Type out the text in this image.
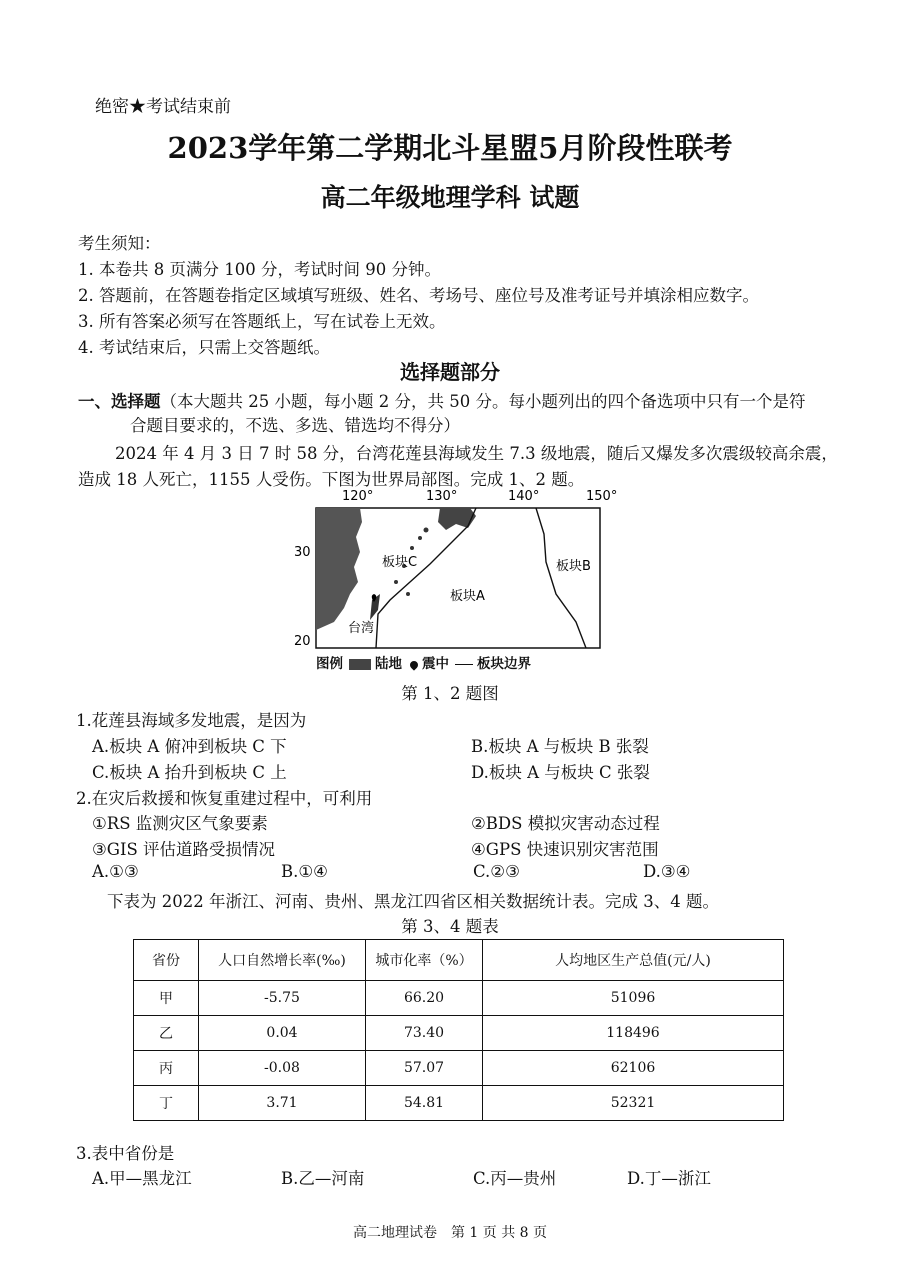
绝密★考试结束前
2023学年第二学期北斗星盟5月阶段性联考
高二年级地理学科 试题
考生须知：
1. 本卷共 8 页满分 100 分，考试时间 90 分钟。
2. 答题前，在答题卷指定区域填写班级、姓名、考场号、座位号及准考证号并填涂相应数字。
3. 所有答案必须写在答题纸上，写在试卷上无效。
4. 考试结束后，只需上交答题纸。
选择题部分
一、选择题（本大题共 25 小题，每小题 2 分，共 50 分。每小题列出的四个备选项中只有一个是符
合题目要求的，不选、多选、错选均不得分）
2024 年 4 月 3 日 7 时 58 分，台湾花莲县海域发生 7.3 级地震，随后又爆发多次震级较高余震，
造成 18 人死亡，1155 人受伤。下图为世界局部图。完成 1、2 题。
120°	130°	140°	150°
30
20
板块C
板块A
板块B
台湾
图例 陆地 震中 板块边界
第 1、2 题图
1.花莲县海域多发地震，是因为
A.板块 A 俯冲到板块 C 下	B.板块 A 与板块 B 张裂
C.板块 A 抬升到板块 C 上	D.板块 A 与板块 C 张裂
2.在灾后救援和恢复重建过程中，可利用
①RS 监测灾区气象要素	②BDS 模拟灾害动态过程
③GIS 评估道路受损情况	④GPS 快速识别灾害范围
A.①③	B.①④	C.②③	D.③④
下表为 2022 年浙江、河南、贵州、黑龙江四省区相关数据统计表。完成 3、4 题。
第 3、4 题表
省份	人口自然增长率(‰)	城市化率（%）	人均地区生产总值(元/人)
甲	-5.75	66.20	51096
乙	0.04	73.40	118496
丙	-0.08	57.07	62106
丁	3.71	54.81	52321
3.表中省份是
A.甲—黑龙江	B.乙—河南	C.丙—贵州	D.丁—浙江
高二地理试卷　第 1 页 共 8 页
